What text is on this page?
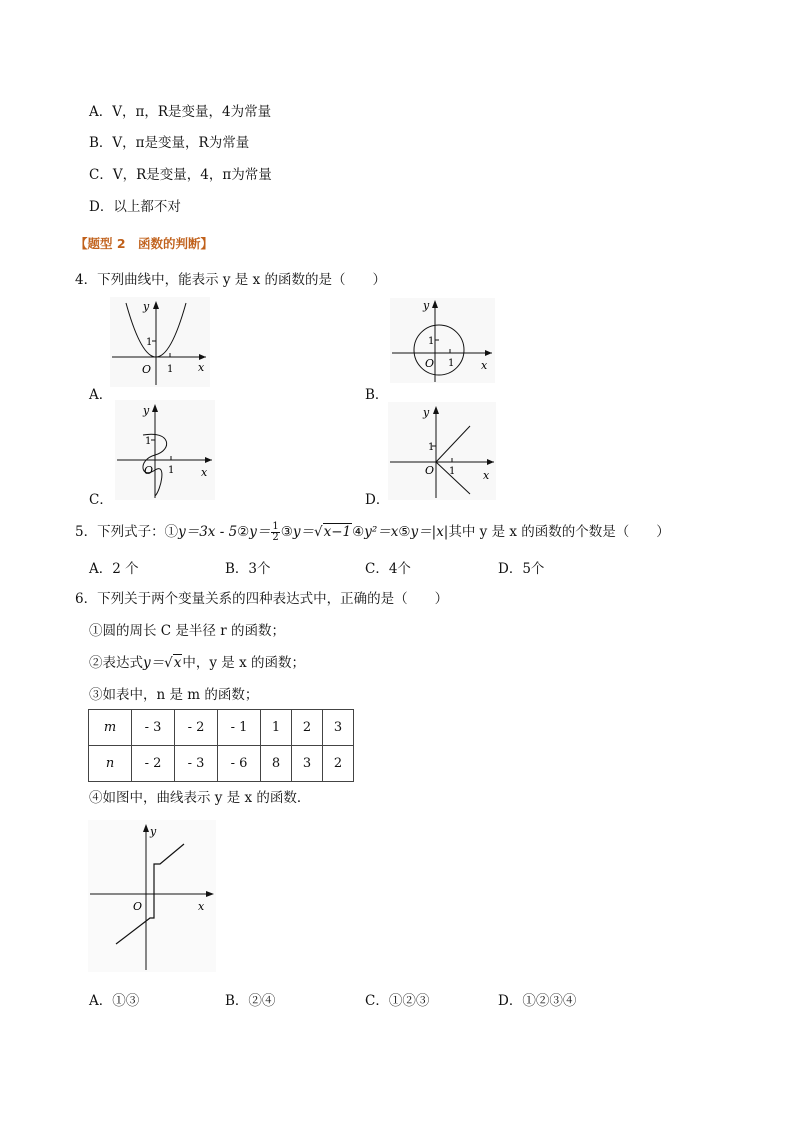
A．V，π，R是变量，4为常量
B．V，π是变量，R为常量
C．V，R是变量，4，π为常量
D．以上都不对
【题型 2　函数的判断】
4．下列曲线中，能表示 y 是 x 的函数的是（　　）
y
x
O
1
1
A．
y
x
O
1
1
B．
y
x
O
1
1
C．
y
x
O
1
1
D．
5．下列式子：①y＝3x - 5②y＝ $\frac{1}{2}$ ③y＝√x−1④y²＝x⑤y＝|x|其中 y 是 x 的函数的个数是（　　）
A．2 个	B．3个	C．4个	D．5个
6．下列关于两个变量关系的四种表达式中，正确的是（　　）
①圆的周长 C 是半径 r 的函数；
②表达式y＝√x中，y 是 x 的函数；
③如表中，n 是 m 的函数；
m	- 3	- 2	- 1	1	2	3
n	- 2	- 3	- 6	8	3	2
④如图中，曲线表示 y 是 x 的函数．
y
x
O
A．①③	B．②④	C．①②③	D．①②③④
